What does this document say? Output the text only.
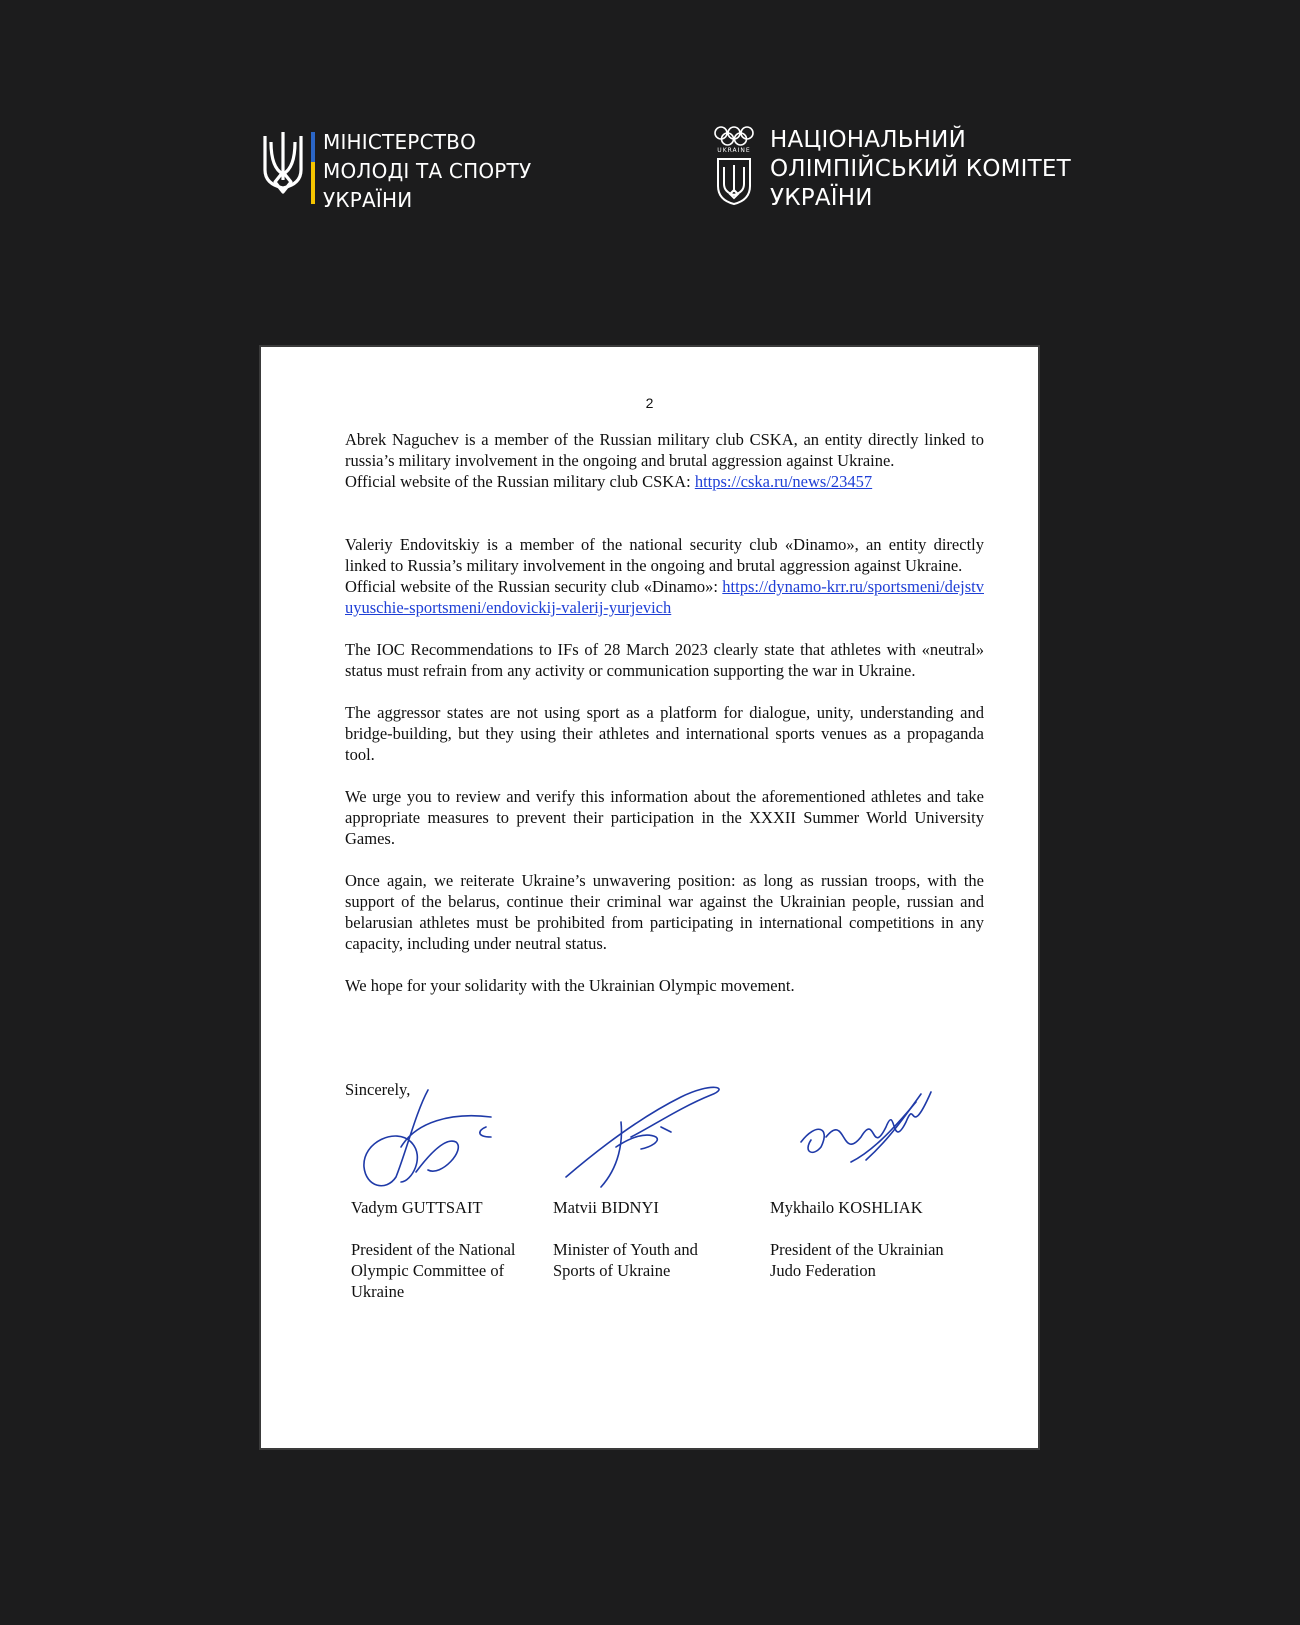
МІНІСТЕРСТВО
МОЛОДІ ТА СПОРТУ
УКРАЇНИ
UKRAINE НАЦІОНАЛЬНИЙ
ОЛІМПІЙСЬКИЙ КОМІТЕТ
УКРАЇНИ
2

Abrek Naguchev is a member of the Russian military club CSKA, an entity directly linked to russia’s military involvement in the ongoing and brutal aggression against Ukraine.
Official website of the Russian military club CSKA: https://cska.ru/news/23457

Valeriy Endovitskiy is a member of the national security club «Dinamo», an entity directly linked to Russia’s military involvement in the ongoing and brutal aggression against Ukraine.
Official website of the Russian security club «Dinamo»: https://dynamo-krr.ru/sportsmeni/dejstvuyuschie-sportsmeni/endovickij-valerij-yurjevich

The IOC Recommendations to IFs of 28 March 2023 clearly state that athletes with «neutral» status must refrain from any activity or communication supporting the war in Ukraine.

The aggressor states are not using sport as a platform for dialogue, unity, understanding and bridge-building, but they using their athletes and international sports venues as a propaganda tool.

We urge you to review and verify this information about the aforementioned athletes and take appropriate measures to prevent their participation in the XXXII Summer World University Games.

Once again, we reiterate Ukraine’s unwavering position: as long as russian troops, with the support of the belarus, continue their criminal war against the Ukrainian people, russian and belarusian athletes must be prohibited from participating in international competitions in any capacity, including under neutral status.

We hope for your solidarity with the Ukrainian Olympic movement.

Sincerely,
Vadym GUTTSAIT
President of the National Olympic Committee of Ukraine
Matvii BIDNYI
Minister of Youth and Sports of Ukraine
Mykhailo KOSHLIAK
President of the Ukrainian Judo Federation
